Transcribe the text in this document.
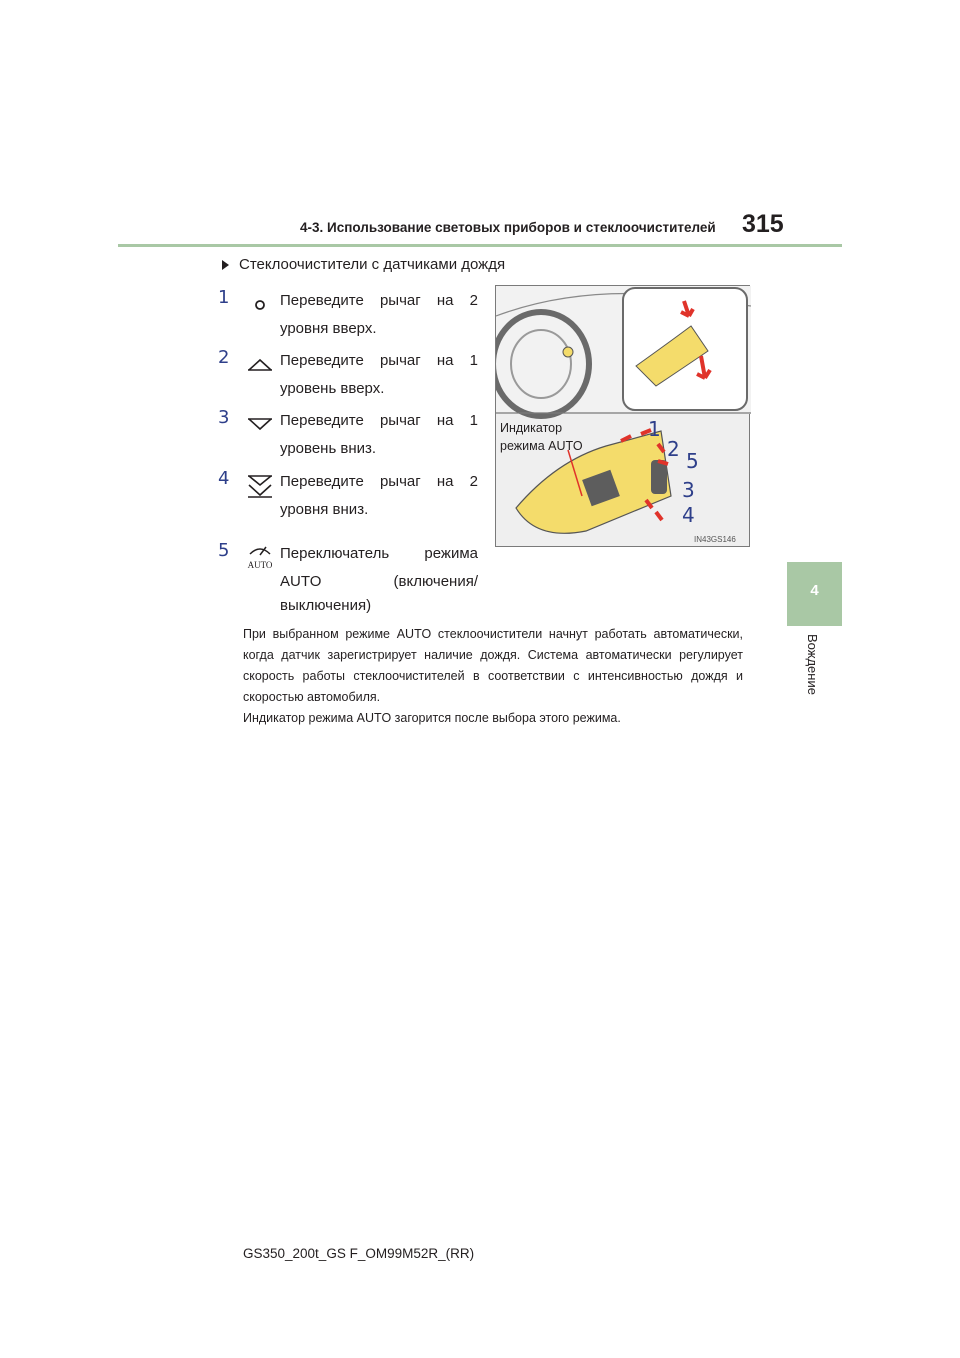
4-3. Использование световых приборов и стеклоочистителей 315
4
Вождение
Стеклоочистители с датчиками дождя
1	Переведите рычаг на 2
уровня вверх.
2	Переведите рычаг на 1
уровень вверх.
3	Переведите рычаг на 1
уровень вниз.
4	Переведите рычаг на 2
уровня вниз.
5
AUTO
Переключатель режима
AUTO (включения/
выключения)
Индикатор
режима AUTO
1
2 5
3
4
IN43GS146
При выбранном режиме AUTO стеклоочистители начнут работать автоматически, когда датчик зарегистрирует наличие дождя. Система автоматически регулирует скорость работы стеклоочистителей в соответствии с интенсивностью дождя и скоростью автомобиля.
Индикатор режима AUTO загорится после выбора этого режима.
GS350_200t_GS F_OM99M52R_(RR)
